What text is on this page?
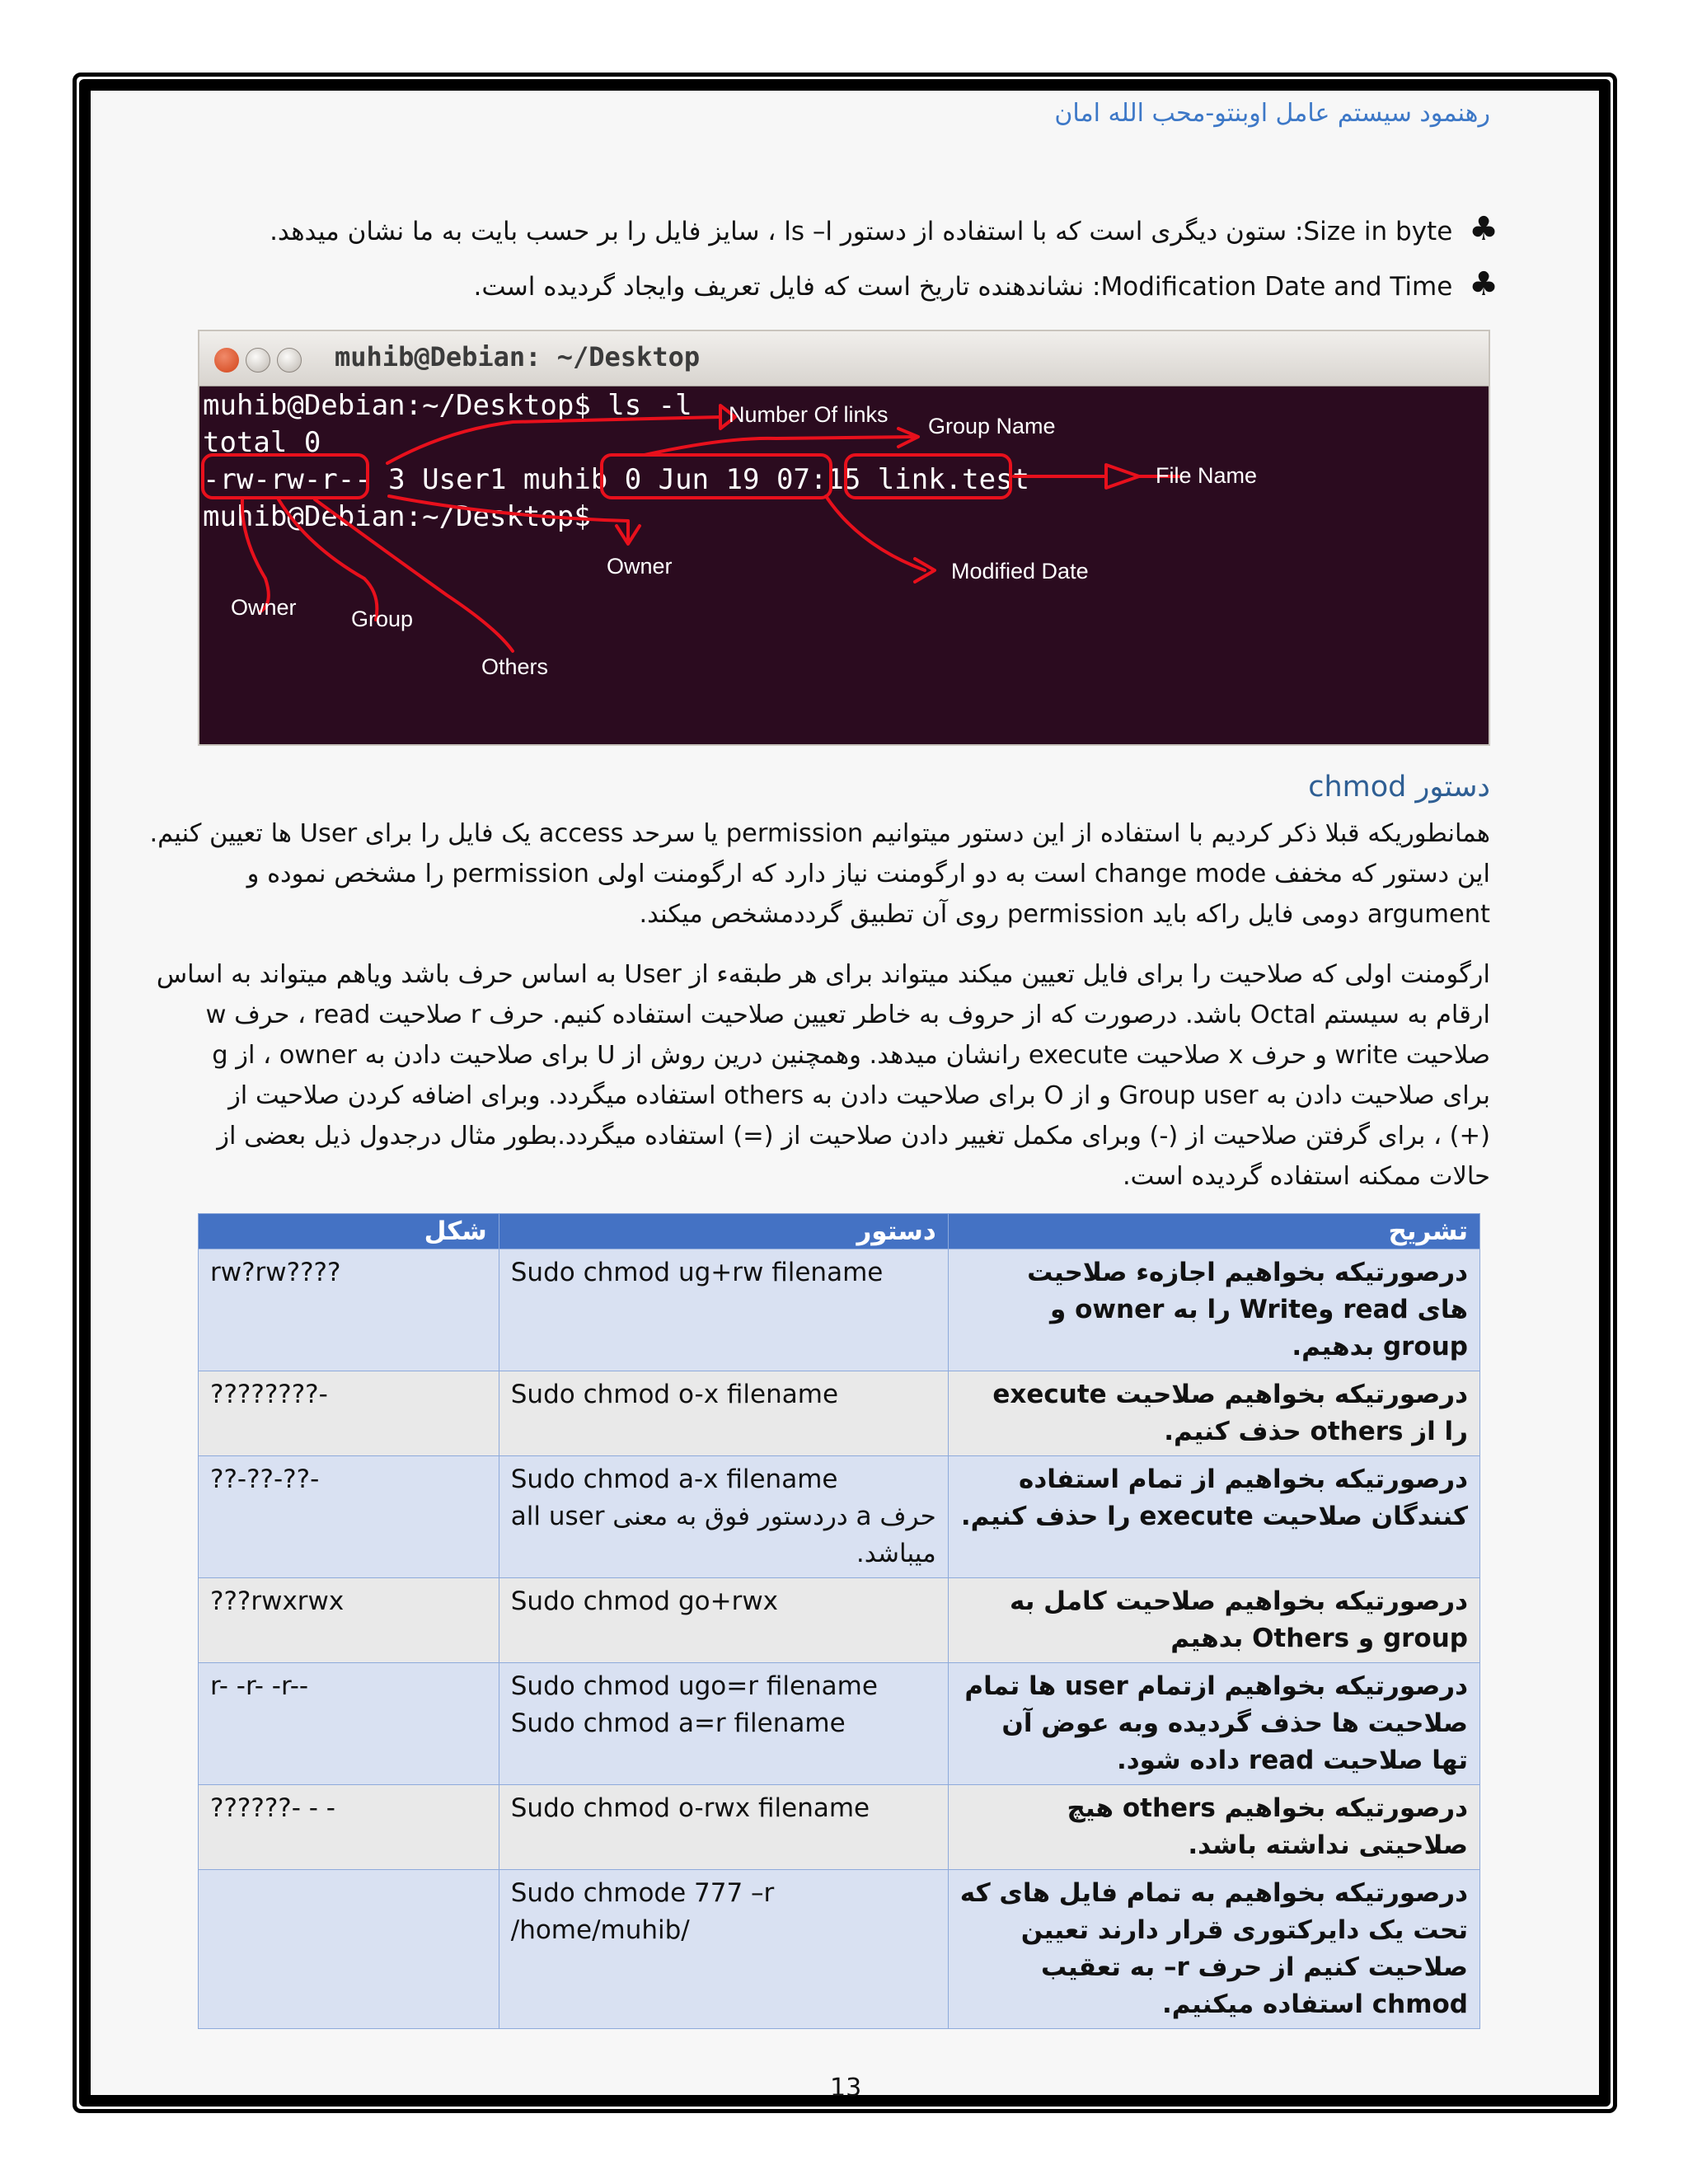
رهنمود سیستم عامل اوبنتو-محب الله امان
♣ Size in byte: ستون دیگری است که با استفاده از دستور ls –l ، سایز فایل را بر حسب بایت به ما نشان میدهد.
♣ Modification Date and Time: نشاندهنده تاریخ است که فایل تعریف وایجاد گردیده است.
muhib@Debian: ~/Desktop
muhib@Debian:~/Desktop$ ls -l
total 0
-rw-rw-r-- 3 User1 muhib 0 Jun 19 07:15 link.test
muhib@Debian:~/Desktop$
Number Of links Group Name
File Name
Owner	Modified Date
Owner Group
Others
دستور chmod
همانطوریکه قبلا ذکر کردیم با استفاده از این دستور میتوانیم permission یا سرحد access یک فایل را برای User ها تعیین کنیم.
این دستور که مخفف change mode است به دو ارگومنت نیاز دارد که ارگومنت اولی permission را مشخص نموده و
argument دومی فایل راکه باید permission روی آن تطبیق گرددمشخص میکند.
ارگومنت اولی که صلاحیت را برای فایل تعیین میکند میتواند برای هر طبقهء از User به اساس حرف باشد ویاهم میتواند به اساس
ارقام به سیستم Octal باشد. درصورت که از حروف به خاطر تعیین صلاحیت استفاده کنیم. حرف r صلاحیت read ، حرف w
صلاحیت write و حرف x صلاحیت execute رانشان میدهد. وهمچنین درین روش از U برای صلاحیت دادن به owner ، از g
برای صلاحیت دادن به Group user و از O برای صلاحیت دادن به others استفاده میگردد. وبرای اضافه کردن صلاحیت از
(+) ، برای گرفتن صلاحیت از (-) وبرای مکمل تغییر دادن صلاحیت از (=) استفاده میگردد.بطور مثال درجدول ذیل بعضی از
حالات ممکنه استفاده گردیده است.
تشریح	دستور	شکل

درصورتیکه بخواهیم اجازهء صلاحیت
های read وWrite را به owner و
group بدهیم.	Sudo chmod ug+rw filename	rw?rw????

درصورتیکه بخواهیم صلاحیت execute
را از others حذف کنیم.	Sudo chmod o-x filename	????????-

درصورتیکه بخواهیم از تمام استفاده
کنندگان صلاحیت execute را حذف کنیم.	Sudo chmod a-x filename
حرف a دردستور فوق به معنی all user
میباشد.	??-??-??-

درصورتیکه بخواهیم صلاحیت کامل به
group و Others بدهیم	Sudo chmod go+rwx	???rwxrwx

درصورتیکه بخواهیم ازتمام user ها تمام
صلاحیت ها حذف گردیده وبه عوض آن
تها صلاحیت read داده شود.	Sudo chmod ugo=r filename
Sudo chmod a=r filename	r- -r- -r--

درصورتیکه بخواهیم others هیچ
صلاحیتی نداشته باشد.	Sudo chmod o-rwx filename	??????- - -

درصورتیکه بخواهیم به تمام فایل های که
تحت یک دایرکتوری قرار دارند تعیین
صلاحیت کنیم از حرف r– به تعقیب
chmod استفاده میکنیم.	Sudo chmode 777 –r
/home/muhib/	

13
